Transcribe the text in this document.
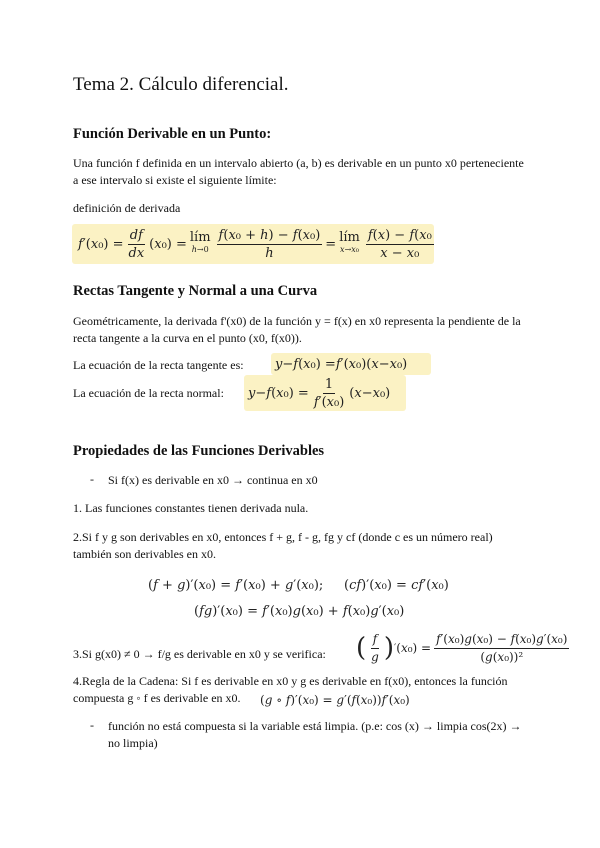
Tema 2. Cálculo diferencial.
Función Derivable en un Punto:
Una función f definida en un intervalo abierto (a, b) es derivable en un punto x0 perteneciente
a ese intervalo si existe el siguiente límite:
definición de derivada
f ′( x $_0) = \frac{df}{dx}$ ( x ₀) = lím
$h\to 0 \frac{\text{f(x₀ + h) − f(x₀)}}{h}$ = lím
$x\to x_0 \frac{\text{f(x) − f(x₀}}{\text{x − x₀}}$
Rectas Tangente y Normal a una Curva
Geométricamente, la derivada f'(x0) de la función y = f(x) en x0 representa la pendiente de la
recta tangente a la curva en el punto (x0, f(x0)).
La ecuación de la recta tangente es: y − f ( x ₀) = f ′( x ₀)( x − x ₀)
La ecuación de la recta normal: y − f ( x $_0) = \frac{1}{\text{f′(x₀)}}$ ( x − x ₀)
Propiedades de las Funciones Derivables
- Si f(x) es derivable en x0 → continua en x0
1. Las funciones constantes tienen derivada nula.
2.Si f y g son derivables en x0, entonces f + g, f - g, fg y cf (donde c es un número real)
también son derivables en x0.
(f + g)′(x₀) = f′(x₀) + g′(x₀); (cf)′(x₀) = cf′(x₀)
(fg)′(x₀) = f′(x₀)g(x₀) + f(x₀)g′(x₀)
3.Si g(x0) ≠ 0 → f/g es derivable en x0 y se verifica: ( $\frac{f}{g}$ ) ′ ( x $_0) = \frac{\text{f′(x₀)g(x₀) − f(x₀)g′(x₀)}}{\text{(g(x₀))²}}$
4.Regla de la Cadena: Si f es derivable en x0 y g es derivable en f(x0), entonces la función
compuesta g ◦ f es derivable en x0. (g ∘ f)′(x₀) = g′(f(x₀))f′(x₀)
- función no está compuesta si la variable está limpia. (p.e: cos (x) → limpia cos(2x) →
no limpia)
